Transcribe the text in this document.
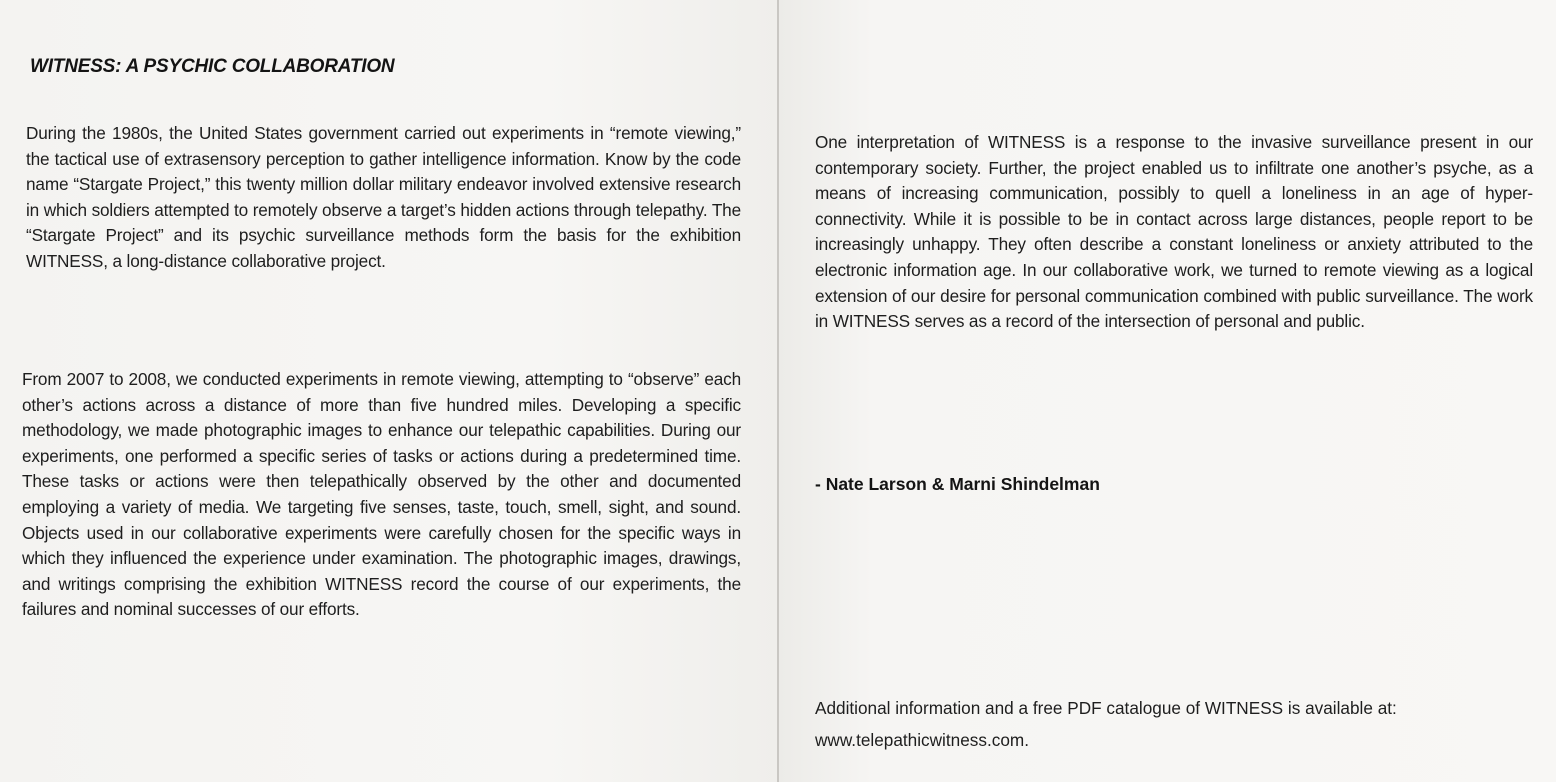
WITNESS: A PSYCHIC COLLABORATION

During the 1980s, the United States government carried out experiments in “remote viewing,” the tactical use of extrasensory perception to gather intelligence information. Know by the code name “Stargate Project,” this twenty million dollar military endeavor involved extensive research in which soldiers attempted to remotely observe a target’s hidden actions through telepathy. The “Stargate Project” and its psychic surveillance methods form the basis for the exhibition WITNESS, a long-distance collaborative project.

From 2007 to 2008, we conducted experiments in remote viewing, attempting to “observe” each other’s actions across a distance of more than five hundred miles. Developing a specific methodology, we made photographic images to enhance our telepathic capabilities. During our experiments, one performed a specific series of tasks or actions during a predetermined time. These tasks or actions were then telepathically observed by the other and documented employing a variety of media. We targeting five senses, taste, touch, smell, sight, and sound. Objects used in our collaborative experiments were carefully chosen for the specific ways in which they influenced the experience under examination. The photographic images, drawings, and writings comprising the exhibition WITNESS record the course of our experiments, the failures and nominal successes of our efforts.

One interpretation of WITNESS is a response to the invasive surveillance present in our contemporary society. Further, the project enabled us to infiltrate one another’s psyche, as a means of increasing communication, possibly to quell a loneliness in an age of hyper-connectivity. While it is possible to be in contact across large distances, people report to be increasingly unhappy. They often describe a constant loneliness or anxiety attributed to the electronic information age. In our collaborative work, we turned to remote viewing as a logical extension of our desire for personal communication combined with public surveillance. The work in WITNESS serves as a record of the intersection of personal and public.

- Nate Larson & Marni Shindelman

Additional information and a free PDF catalogue of WITNESS is available at:
www.telepathicwitness.com.
